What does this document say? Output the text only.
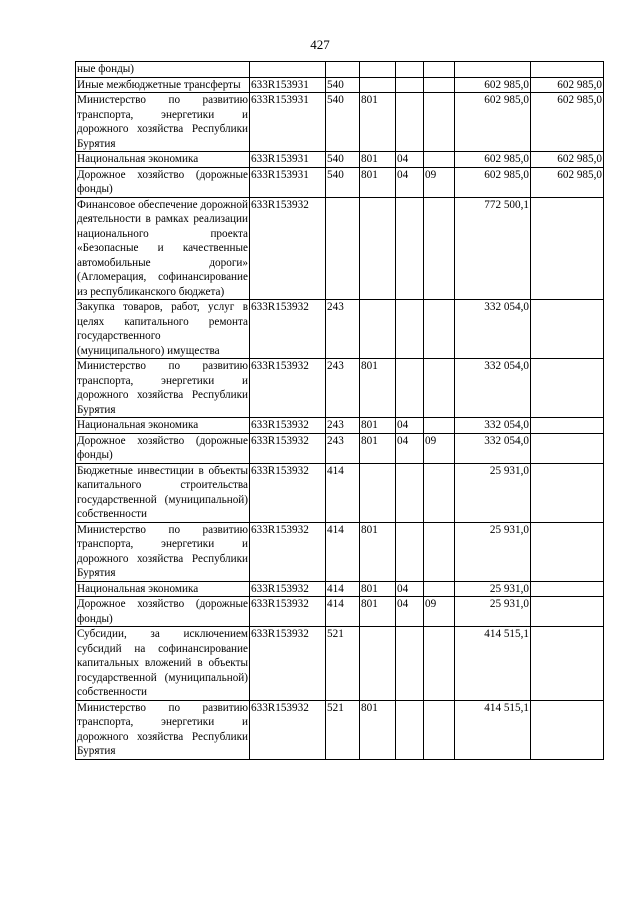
427
ные фонды)							
Иные межбюджетные трансферты	633R153931	540				602 985,0	602 985,0
Министерство по развитию транспорта, энергетики и дорожного хозяйства Республики Бурятия	633R153931	540	801			602 985,0	602 985,0
Национальная экономика	633R153931	540	801	04		602 985,0	602 985,0
Дорожное хозяйство (дорожные фонды)	633R153931	540	801	04	09	602 985,0	602 985,0
Финансовое обеспечение дорожной деятельности в рамках реализации национального проекта «Безопасные и качественные автомобильные дороги» (Агломерация, софинансирование из республиканского бюджета)	633R153932					772 500,1	
Закупка товаров, работ, услуг в целях капитального ремонта государственного (муниципального) имущества	633R153932	243				332 054,0	
Министерство по развитию транспорта, энергетики и дорожного хозяйства Республики Бурятия	633R153932	243	801			332 054,0	
Национальная экономика	633R153932	243	801	04		332 054,0	
Дорожное хозяйство (дорожные фонды)	633R153932	243	801	04	09	332 054,0	
Бюджетные инвестиции в объекты капитального строительства государственной (муниципальной) собственности	633R153932	414				25 931,0	
Министерство по развитию транспорта, энергетики и дорожного хозяйства Республики Бурятия	633R153932	414	801			25 931,0	
Национальная экономика	633R153932	414	801	04		25 931,0	
Дорожное хозяйство (дорожные фонды)	633R153932	414	801	04	09	25 931,0	
Субсидии, за исключением субсидий на софинансирование капитальных вложений в объекты государственной (муниципальной) собственности	633R153932	521				414 515,1	
Министерство по развитию транспорта, энергетики и дорожного хозяйства Республики Бурятия	633R153932	521	801			414 515,1	
